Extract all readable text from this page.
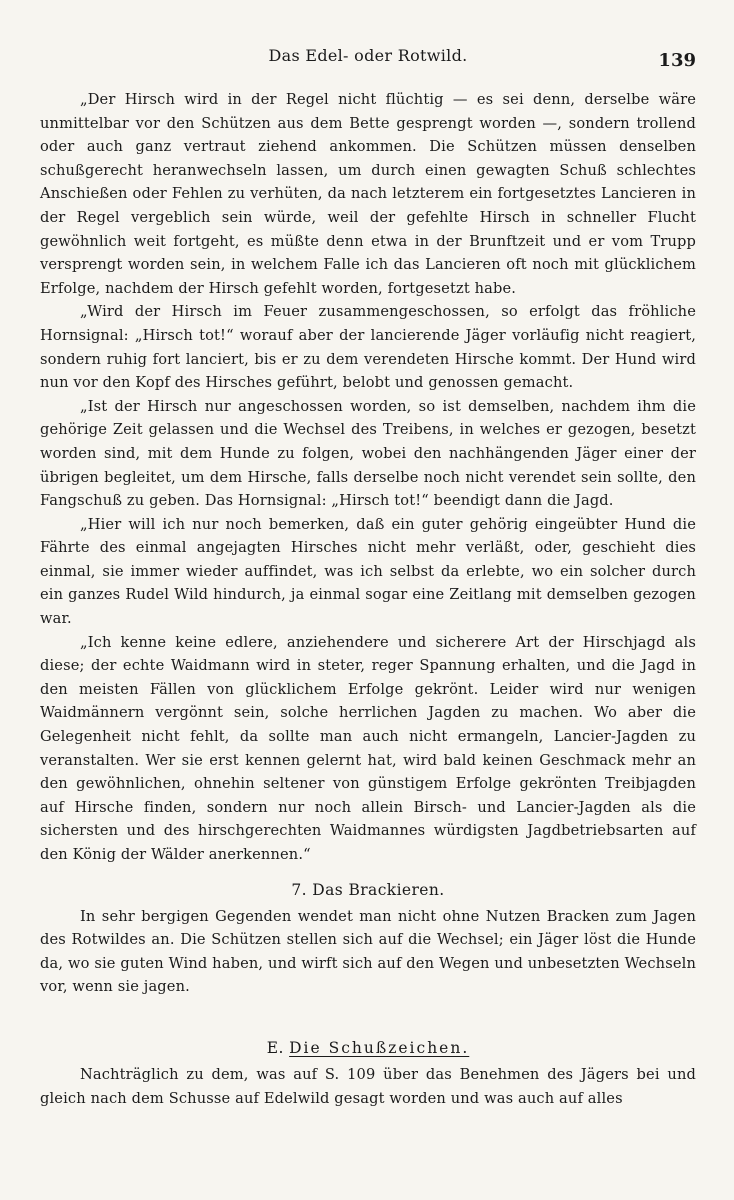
Das Edel- oder Rotwild.	139

„Der Hirsch wird in der Regel nicht flüchtig — es sei denn, derselbe wäre unmittelbar vor den Schützen aus dem Bette gesprengt worden —, sondern trollend oder auch ganz vertraut ziehend ankommen. Die Schützen müssen denselben schußgerecht heranwechseln lassen, um durch einen gewagten Schuß schlechtes Anschießen oder Fehlen zu verhüten, da nach letzterem ein fortgesetztes Lancieren in der Regel vergeblich sein würde, weil der gefehlte Hirsch in schneller Flucht gewöhnlich weit fortgeht, es müßte denn etwa in der Brunftzeit und er vom Trupp versprengt worden sein, in welchem Falle ich das Lancieren oft noch mit glücklichem Erfolge, nachdem der Hirsch gefehlt worden, fortgesetzt habe.

„Wird der Hirsch im Feuer zusammengeschossen, so erfolgt das fröhliche Hornsignal: „Hirsch tot!“ worauf aber der lancierende Jäger vorläufig nicht reagiert, sondern ruhig fort lanciert, bis er zu dem verendeten Hirsche kommt. Der Hund wird nun vor den Kopf des Hirsches geführt, belobt und genossen gemacht.

„Ist der Hirsch nur angeschossen worden, so ist demselben, nachdem ihm die gehörige Zeit gelassen und die Wechsel des Treibens, in welches er gezogen, besetzt worden sind, mit dem Hunde zu folgen, wobei den nachhängenden Jäger einer der übrigen begleitet, um dem Hirsche, falls derselbe noch nicht verendet sein sollte, den Fangschuß zu geben. Das Hornsignal: „Hirsch tot!“ beendigt dann die Jagd.

„Hier will ich nur noch bemerken, daß ein guter gehörig eingeübter Hund die Fährte des einmal angejagten Hirsches nicht mehr verläßt, oder, geschieht dies einmal, sie immer wieder auffindet, was ich selbst da erlebte, wo ein solcher durch ein ganzes Rudel Wild hindurch, ja einmal sogar eine Zeitlang mit demselben gezogen war.

„Ich kenne keine edlere, anziehendere und sicherere Art der Hirschjagd als diese; der echte Waidmann wird in steter, reger Spannung erhalten, und die Jagd in den meisten Fällen von glücklichem Erfolge gekrönt. Leider wird nur wenigen Waidmännern vergönnt sein, solche herrlichen Jagden zu machen. Wo aber die Gelegenheit nicht fehlt, da sollte man auch nicht ermangeln, Lancier-Jagden zu veranstalten. Wer sie erst kennen gelernt hat, wird bald keinen Geschmack mehr an den gewöhnlichen, ohnehin seltener von günstigem Erfolge gekrönten Treibjagden auf Hirsche finden, sondern nur noch allein Birsch- und Lancier-Jagden als die sichersten und des hirschgerechten Waidmannes würdigsten Jagdbetriebsarten auf den König der Wälder anerkennen.“

7. Das Brackieren.

In sehr bergigen Gegenden wendet man nicht ohne Nutzen Bracken zum Jagen des Rotwildes an. Die Schützen stellen sich auf die Wechsel; ein Jäger löst die Hunde da, wo sie guten Wind haben, und wirft sich auf den Wegen und unbesetzten Wechseln vor, wenn sie jagen.

E. Die Schußzeichen.

Nachträglich zu dem, was auf S. 109 über das Benehmen des Jägers bei und gleich nach dem Schusse auf Edelwild gesagt worden und was auch auf alles
